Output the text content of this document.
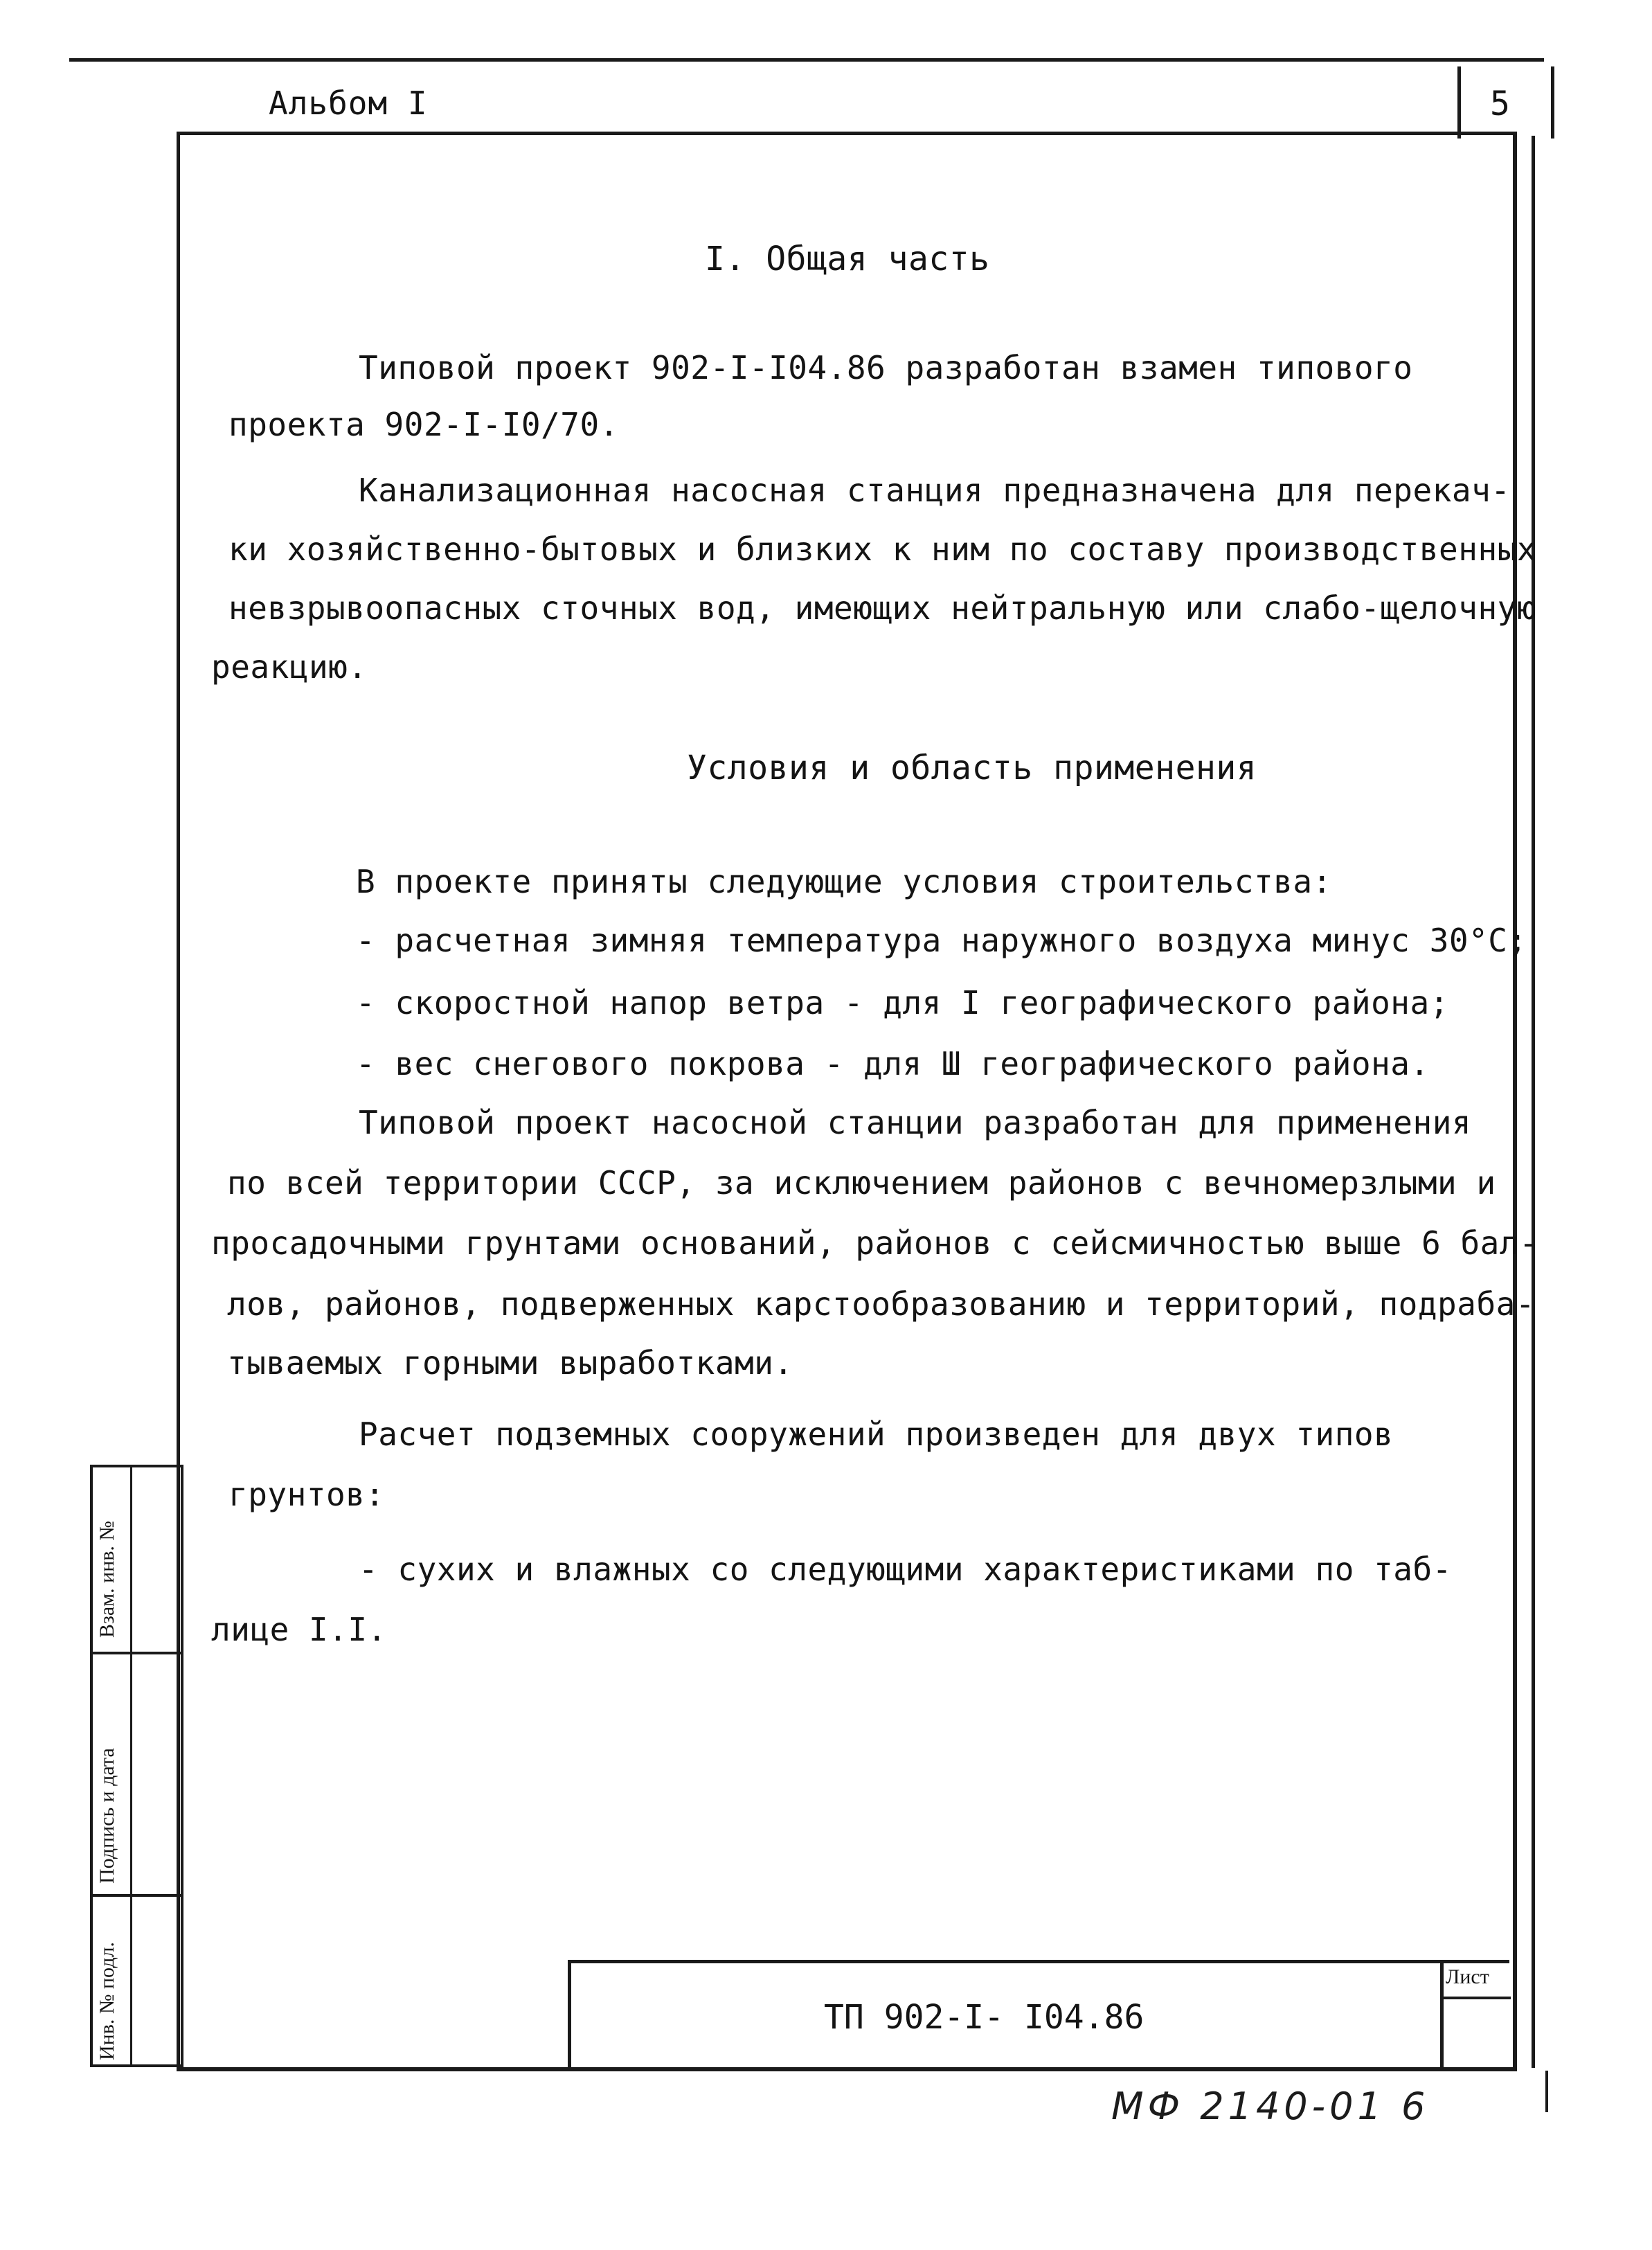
Альбом I	5
Взам. инв. №
Подпись и дата
Инв. № подл.
I. Общая часть
Типовой проект 902-I-I04.86 разработан взамен типового
проекта 902-I-I0/70.
Канализационная насосная станция предназначена для перекач-
ки хозяйственно-бытовых и близких к ним по составу производственных
невзрывоопасных сточных вод, имеющих нейтральную или слабо-щелочную
реакцию.
Условия и область применения
В проекте приняты следующие условия строительства:
- расчетная зимняя температура наружного воздуха минус 30°С;
- скоростной напор ветра - для I географического района;
- вес снегового покрова - для Ш географического района.
Типовой проект насосной станции разработан для применения
по всей территории СССР, за исключением районов с вечномерзлыми и
просадочными грунтами оснований, районов с сейсмичностью выше 6 бал-
лов, районов, подверженных карстообразованию и территорий, подраба-
тываемых горными выработками.
Расчет подземных сооружений произведен для двух типов
грунтов:
- сухих и влажных со следующими характеристиками по таб-
лице I.I.
ТП 902-I- I04.86
Лист
МФ 2140-01 6
